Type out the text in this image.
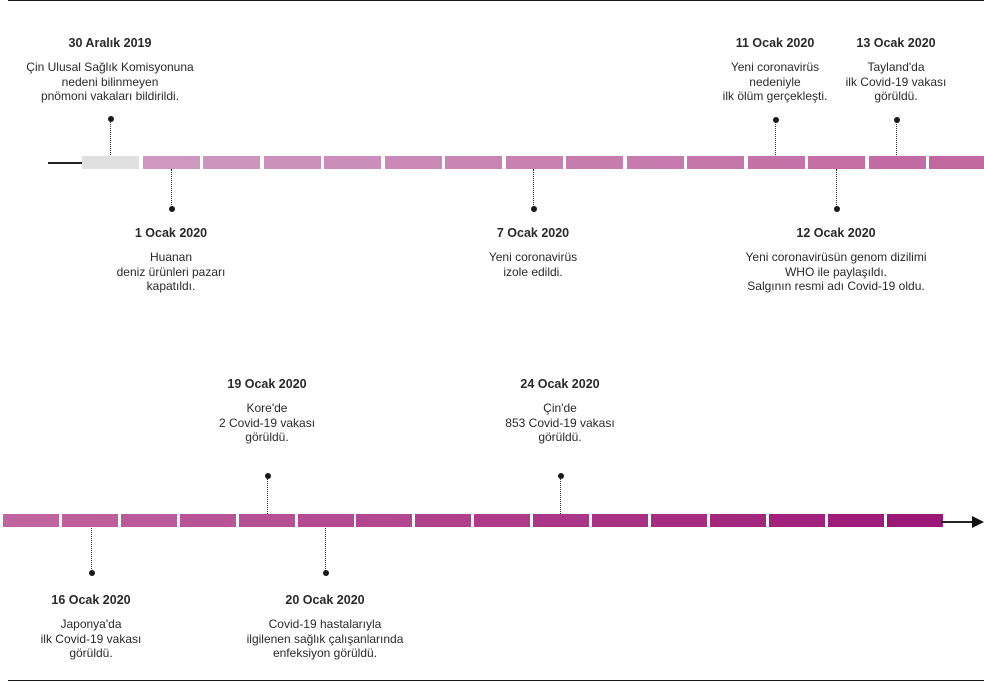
30 Aralık 2019
Çin Ulusal Sağlık Komisyonuna
nedeni bilinmeyen
pnömoni vakaları bildirildi.
11 Ocak 2020
Yeni coronavirüs
nedeniyle
ilk ölüm gerçekleşti.
13 Ocak 2020
Tayland'da
ilk Covid-19 vakası
görüldü.
1 Ocak 2020
Huanan
deniz ürünleri pazarı
kapatıldı.
7 Ocak 2020
Yeni coronavirüs
izole edildi.
12 Ocak 2020
Yeni coronavirüsün genom dizilimi
WHO ile paylaşıldı.
Salgının resmi adı Covid-19 oldu.
19 Ocak 2020
Kore'de
2 Covid-19 vakası
görüldü.
24 Ocak 2020
Çin'de
853 Covid-19 vakası
görüldü.
16 Ocak 2020
Japonya'da
ilk Covid-19 vakası
görüldü.
20 Ocak 2020
Covid-19 hastalarıyla
ilgilenen sağlık çalışanlarında
enfeksiyon görüldü.
